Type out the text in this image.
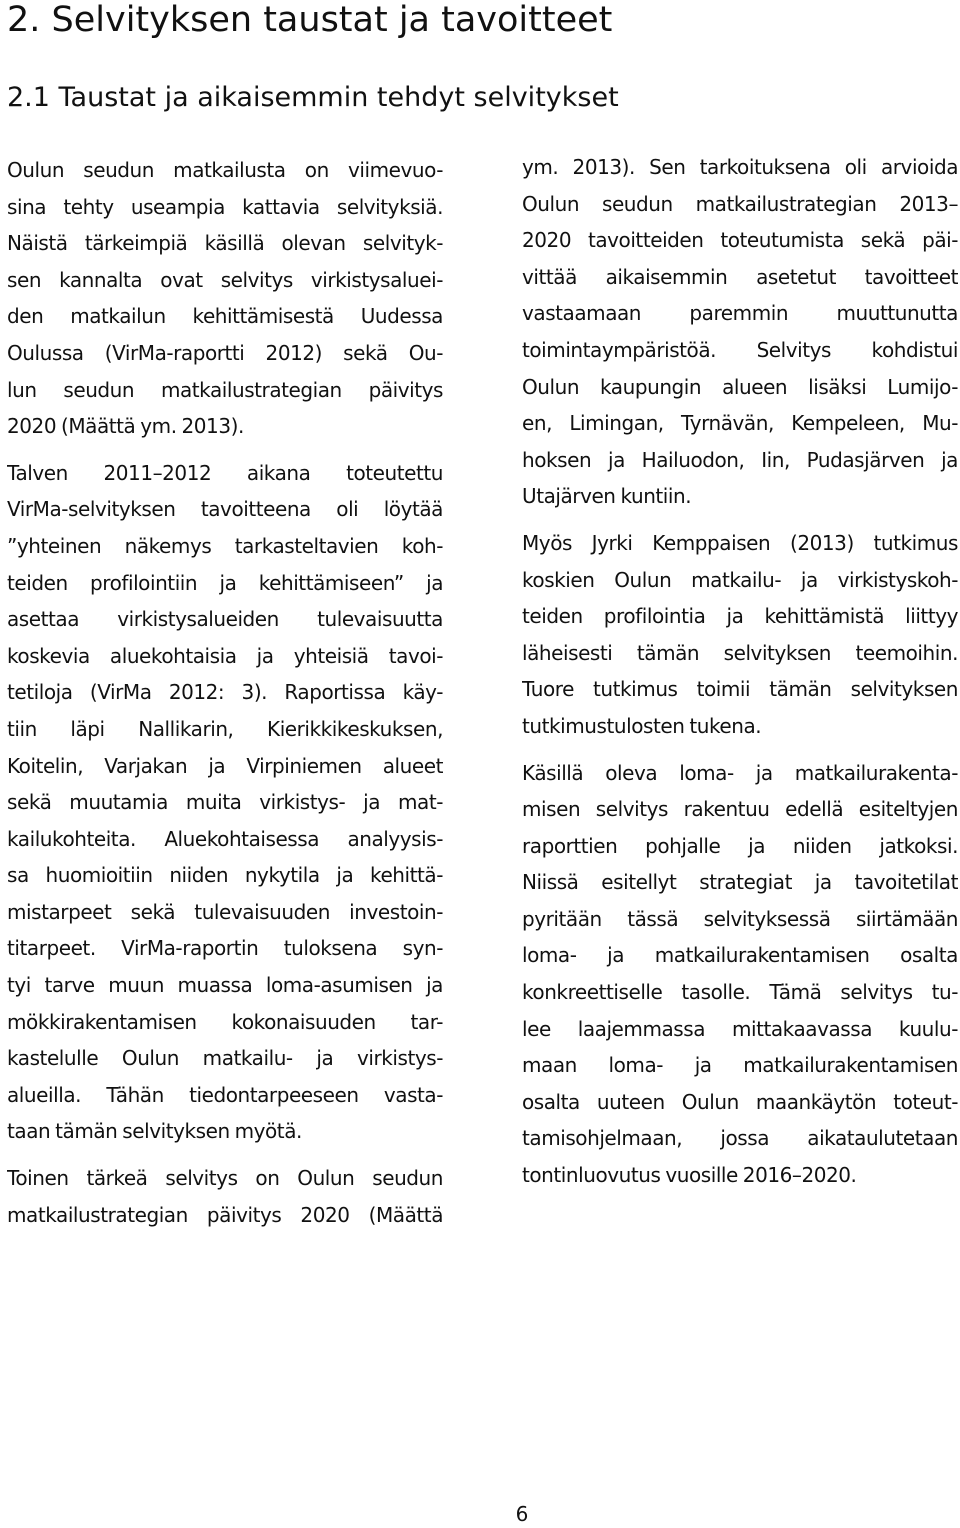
2. Selvityksen taustat ja tavoitteet
2.1 Taustat ja aikaisemmin tehdyt selvitykset
Oulun seudun matkailusta on viimevuo-
sina tehty useampia kattavia selvityksiä.
Näistä tärkeimpiä käsillä olevan selvityk-
sen kannalta ovat selvitys virkistysaluei-
den matkailun kehittämisestä Uudessa
Oulussa (VirMa-raportti 2012) sekä Ou-
lun seudun matkailustrategian päivitys
2020 (Määttä ym. 2013).
Talven 2011–2012 aikana toteutettu
VirMa-selvityksen tavoitteena oli löytää
”yhteinen näkemys tarkasteltavien koh-
teiden profilointiin ja kehittämiseen” ja
asettaa virkistysalueiden tulevaisuutta
koskevia aluekohtaisia ja yhteisiä tavoi-
tetiloja (VirMa 2012: 3). Raportissa käy-
tiin läpi Nallikarin, Kierikkikeskuksen,
Koitelin, Varjakan ja Virpiniemen alueet
sekä muutamia muita virkistys- ja mat-
kailukohteita. Aluekohtaisessa analyysis-
sa huomioitiin niiden nykytila ja kehittä-
mistarpeet sekä tulevaisuuden investoin-
titarpeet. VirMa-raportin tuloksena syn-
tyi tarve muun muassa loma-asumisen ja
mökkirakentamisen kokonaisuuden tar-
kastelulle Oulun matkailu- ja virkistys-
alueilla. Tähän tiedontarpeeseen vasta-
taan tämän selvityksen myötä.
Toinen tärkeä selvitys on Oulun seudun
matkailustrategian päivitys 2020 (Määttä
ym. 2013). Sen tarkoituksena oli arvioida
Oulun seudun matkailustrategian 2013–
2020 tavoitteiden toteutumista sekä päi-
vittää aikaisemmin asetetut tavoitteet
vastaamaan paremmin muuttunutta
toimintaympäristöä. Selvitys kohdistui
Oulun kaupungin alueen lisäksi Lumijo-
en, Limingan, Tyrnävän, Kempeleen, Mu-
hoksen ja Hailuodon, Iin, Pudasjärven ja
Utajärven kuntiin.
Myös Jyrki Kemppaisen (2013) tutkimus
koskien Oulun matkailu- ja virkistyskoh-
teiden profilointia ja kehittämistä liittyy
läheisesti tämän selvityksen teemoihin.
Tuore tutkimus toimii tämän selvityksen
tutkimustulosten tukena.
Käsillä oleva loma- ja matkailurakenta-
misen selvitys rakentuu edellä esiteltyjen
raporttien pohjalle ja niiden jatkoksi.
Niissä esitellyt strategiat ja tavoitetilat
pyritään tässä selvityksessä siirtämään
loma- ja matkailurakentamisen osalta
konkreettiselle tasolle. Tämä selvitys tu-
lee laajemmassa mittakaavassa kuulu-
maan loma- ja matkailurakentamisen
osalta uuteen Oulun maankäytön toteut-
tamisohjelmaan, jossa aikataulutetaan
tontinluovutus vuosille 2016–2020.
6
